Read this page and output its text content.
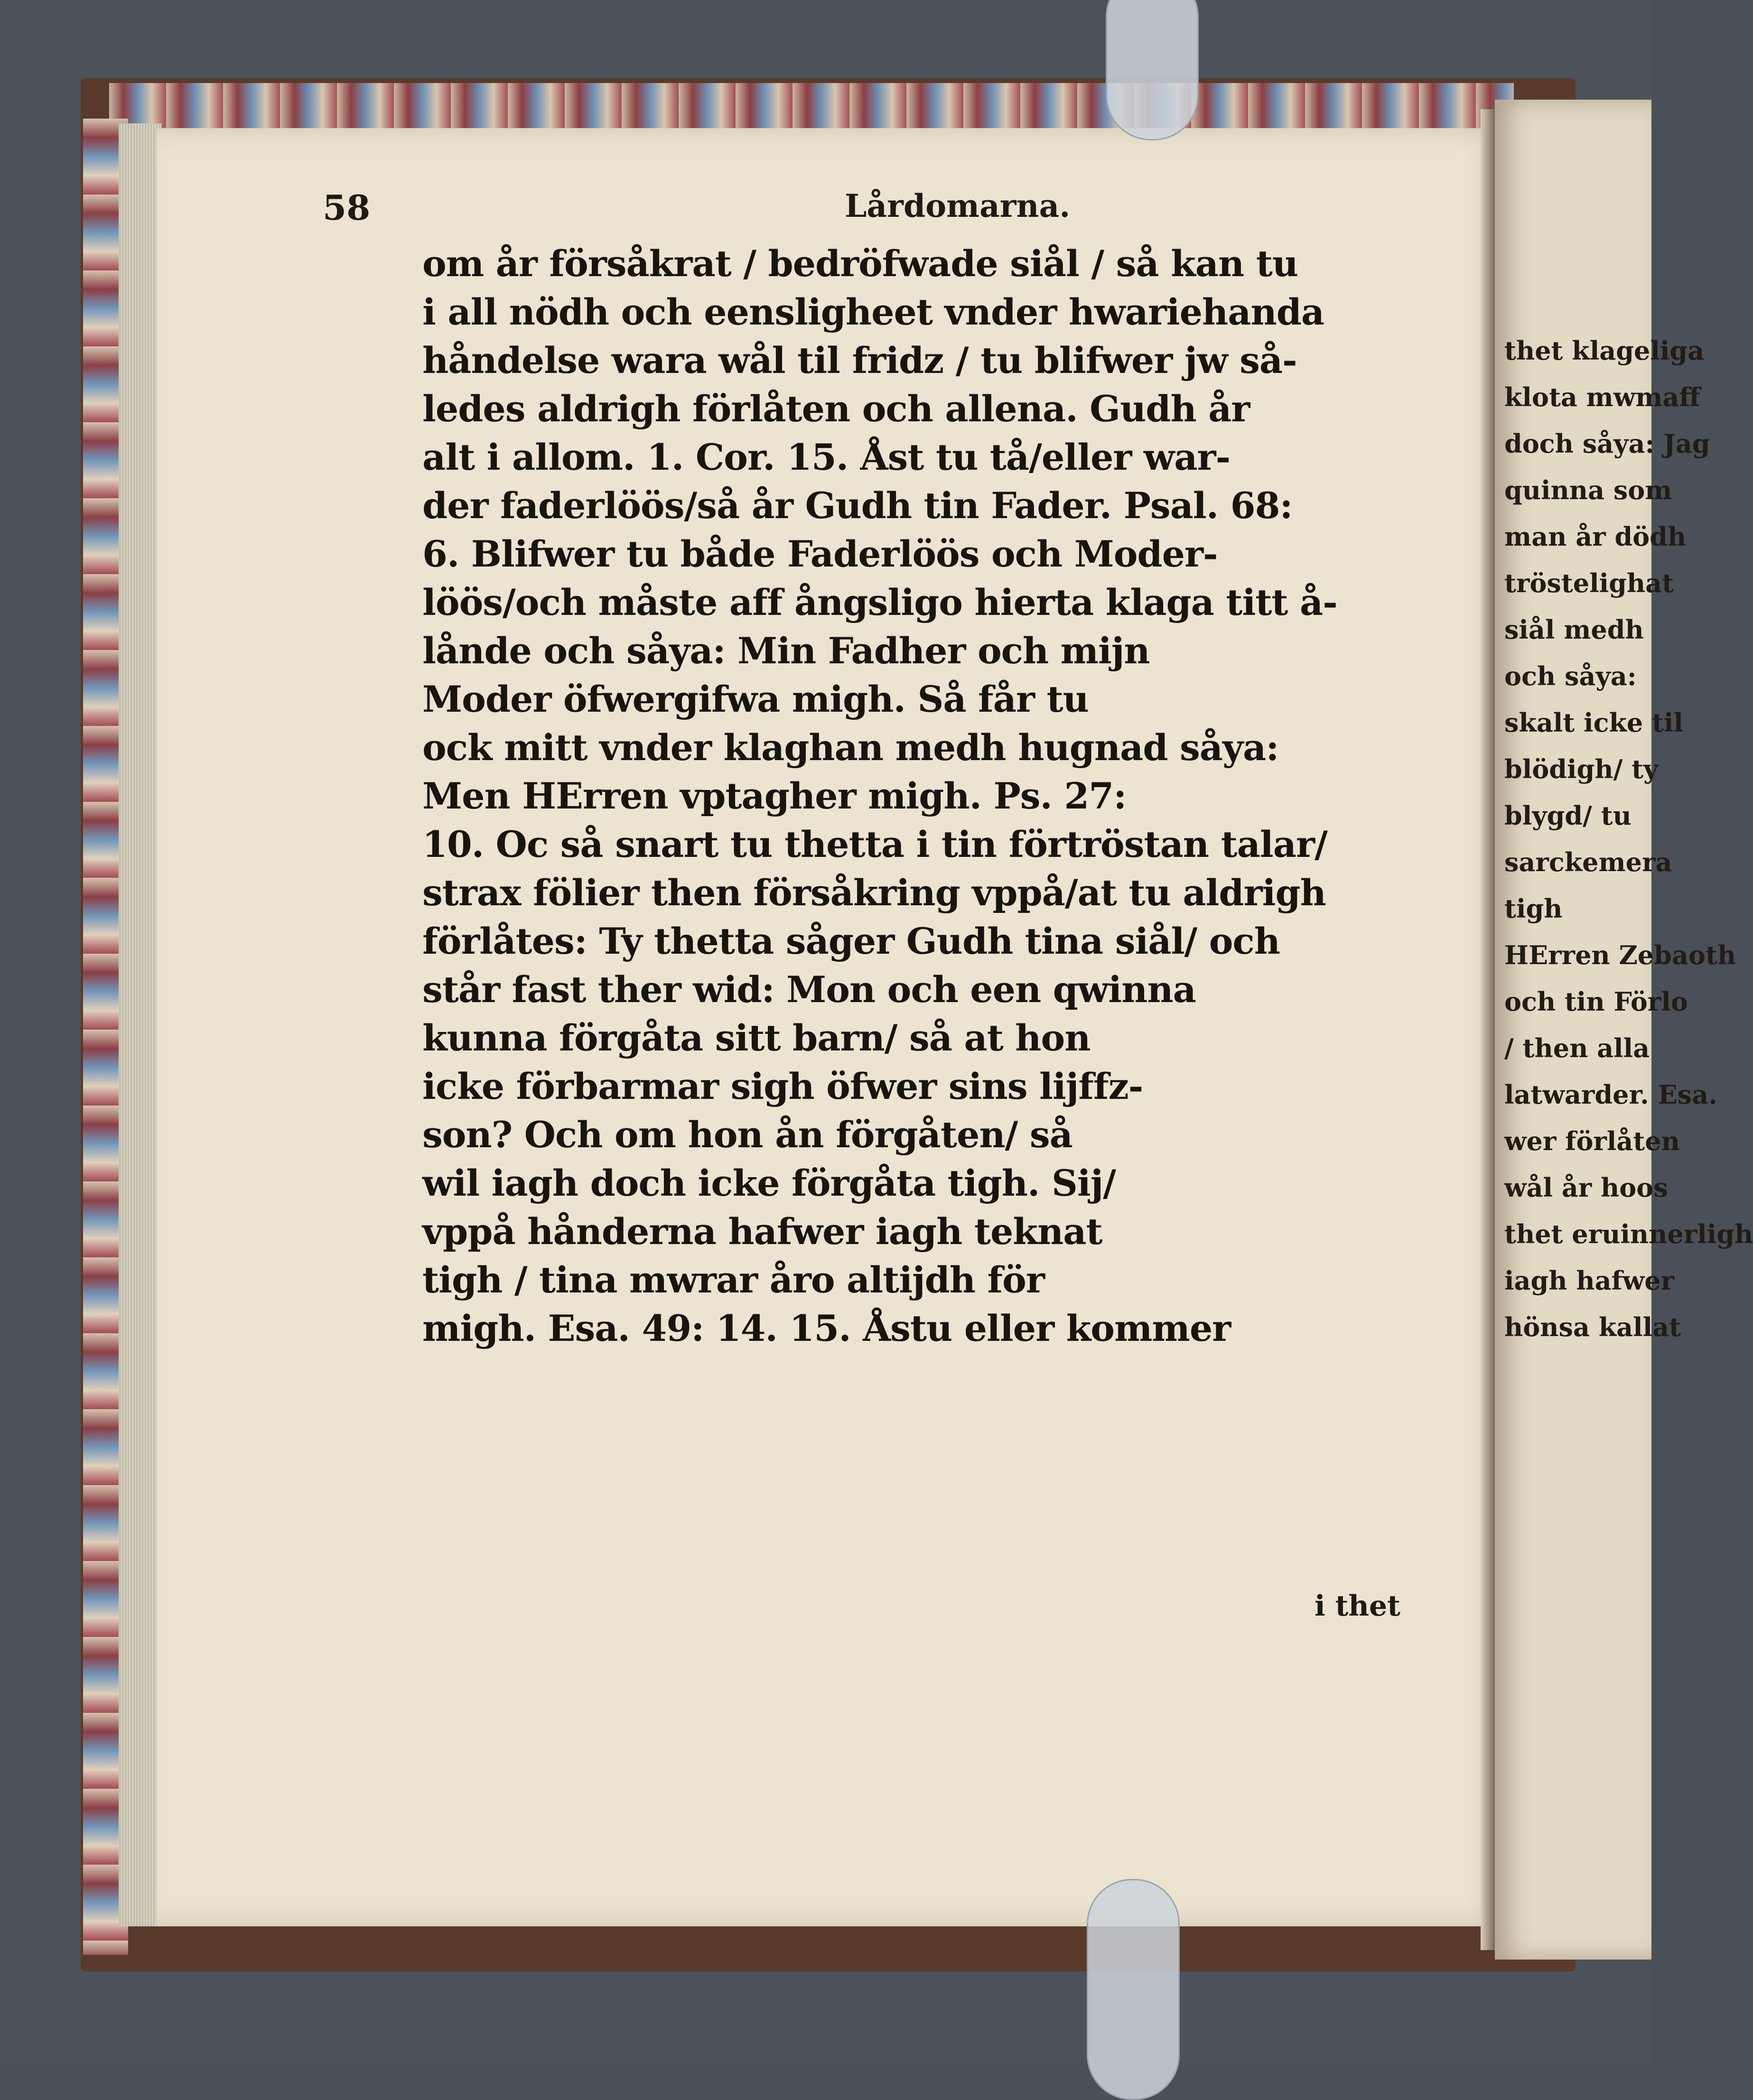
thet klageliga
klota mwmaff
doch såya: Jag
quinna som
man år dödh
tröstelighat
siål medh
och såya:
skalt icke til
blödigh/ ty
blygd/ tu
sarckemera
tigh
HErren Zebaoth
och tin Förlo
/ then alla
latwarder. Esa.
wer förlåten
wål år hoos
thet eruinnerligh
iagh hafwer
hönsa kallat
58	Lårdomarna.
om år försåkrat / bedröfwade siål / så kan tu
i all nödh och eensligheet vnder hwariehanda
håndelse wara wål til fridz / tu blifwer jw så-
ledes aldrigh förlåten och allena. Gudh år
alt i allom. 1. Cor. 15. Åst tu tå/eller war-
der faderlöös/så år Gudh tin Fader. Psal. 68:
6. Blifwer tu både Faderlöös och Moder-
löös/och måste aff ångsligo hierta klaga titt å-
lånde och såya: Min Fadher och mijn
Moder öfwergifwa migh. Så får tu
ock mitt vnder klaghan medh hugnad såya:
Men HErren vptagher migh. Ps. 27:
10. Oc så snart tu thetta i tin förtröstan talar/
strax fölier then försåkring vppå/at tu aldrigh
förlåtes: Ty thetta såger Gudh tina siål/ och
står fast ther wid: Mon och een qwinna
kunna förgåta sitt barn/ så at hon
icke förbarmar sigh öfwer sins lijffz-
son? Och om hon ån förgåten/ så
wil iagh doch icke förgåta tigh. Sij/
vppå hånderna hafwer iagh teknat
tigh / tina mwrar åro altijdh för
migh. Esa. 49: 14. 15. Åstu eller kommer
i thet
